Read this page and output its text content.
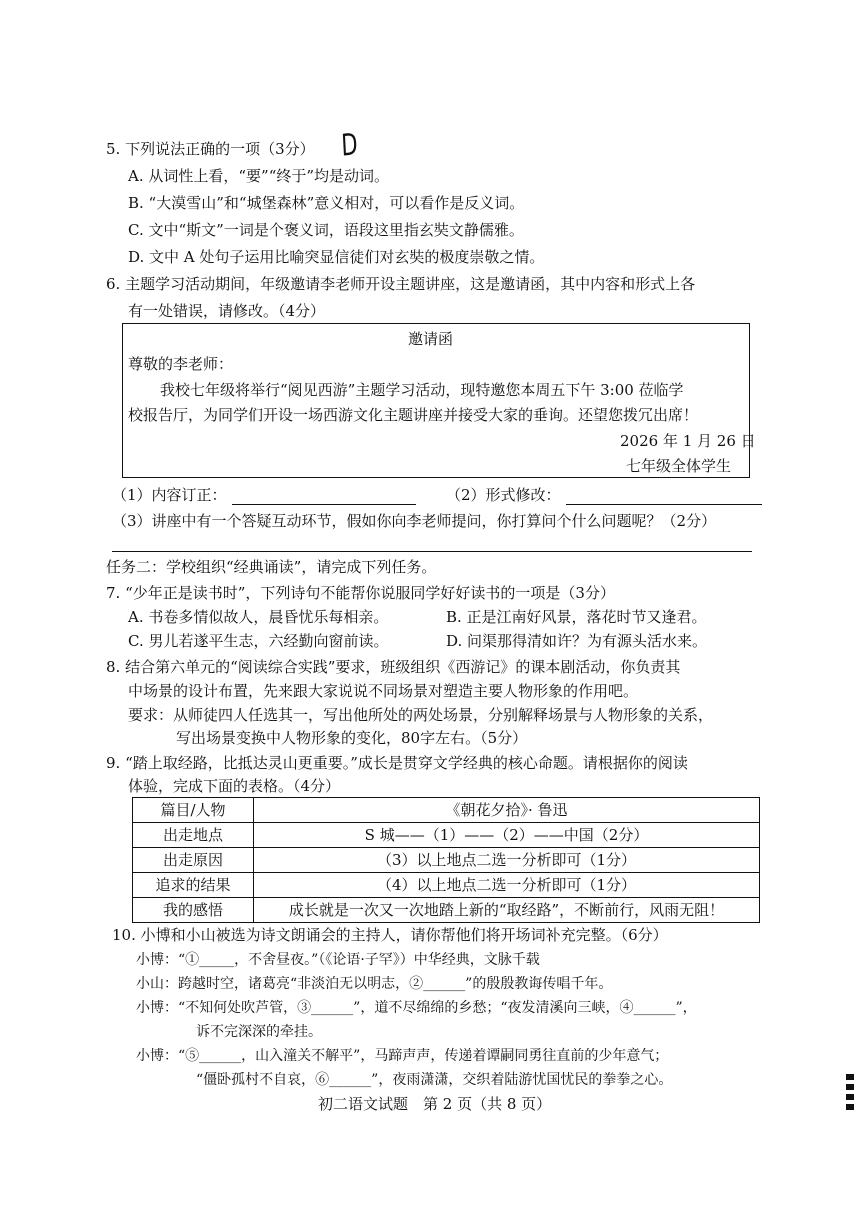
5. 下列说法正确的一项（3分） D
A. 从词性上看，“要”“终于”均是动词。
B. “大漠雪山”和“城堡森林”意义相对，可以看作是反义词。
C. 文中“斯文”一词是个褒义词，语段这里指玄奘文静儒雅。
D. 文中 A 处句子运用比喻突显信徒们对玄奘的极度崇敬之情。
6. 主题学习活动期间，年级邀请李老师开设主题讲座，这是邀请函，其中内容和形式上各
有一处错误，请修改。（4分）
邀请函
尊敬的李老师：
我校七年级将举行“阅见西游”主题学习活动，现特邀您本周五下午 3:00 莅临学
校报告厅，为同学们开设一场西游文化主题讲座并接受大家的垂询。还望您拨冗出席！
2026 年 1 月 26 日
七年级全体学生
（1）内容订正：	（2）形式修改：
（3）讲座中有一个答疑互动环节，假如你向李老师提问，你打算问个什么问题呢？（2分）
任务二：学校组织“经典诵读”，请完成下列任务。
7. “少年正是读书时”，下列诗句不能帮你说服同学好好读书的一项是（3分）
A. 书卷多情似故人，晨昏忧乐每相亲。	B. 正是江南好风景，落花时节又逢君。
C. 男儿若遂平生志，六经勤向窗前读。	D. 问渠那得清如许？为有源头活水来。
8. 结合第六单元的“阅读综合实践”要求，班级组织《西游记》的课本剧活动，你负责其
中场景的设计布置，先来跟大家说说不同场景对塑造主要人物形象的作用吧。
要求：从师徒四人任选其一，写出他所处的两处场景，分别解释场景与人物形象的关系，
写出场景变换中人物形象的变化，80字左右。（5分）
9. “踏上取经路，比抵达灵山更重要。”成长是贯穿文学经典的核心命题。请根据你的阅读
体验，完成下面的表格。（4分）
篇目/人物	《朝花夕拾》· 鲁迅
出走地点	S 城——（1）——（2）——中国（2分）
出走原因	（3）以上地点二选一分析即可（1分）
追求的结果	（4）以上地点二选一分析即可（1分）
我的感悟	成长就是一次又一次地踏上新的“取经路”，不断前行，风雨无阻！
10. 小博和小山被选为诗文朗诵会的主持人，请你帮他们将开场词补充完整。（6分）
小博：“①_____，不舍昼夜。”（《论语·子罕》）中华经典，文脉千载
小山：跨越时空，诸葛亮“非淡泊无以明志，②______”的殷殷教诲传唱千年。
小博：“不知何处吹芦管，③______”，道不尽绵绵的乡愁；“夜发清溪向三峡，④______”，
诉不完深深的牵挂。
小博：“⑤______，山入潼关不解平”，马蹄声声，传递着谭嗣同勇往直前的少年意气；
“僵卧孤村不自哀，⑥______”，夜雨潇潇，交织着陆游忧国忧民的拳拳之心。
初二语文试题　第 2 页（共 8 页）
